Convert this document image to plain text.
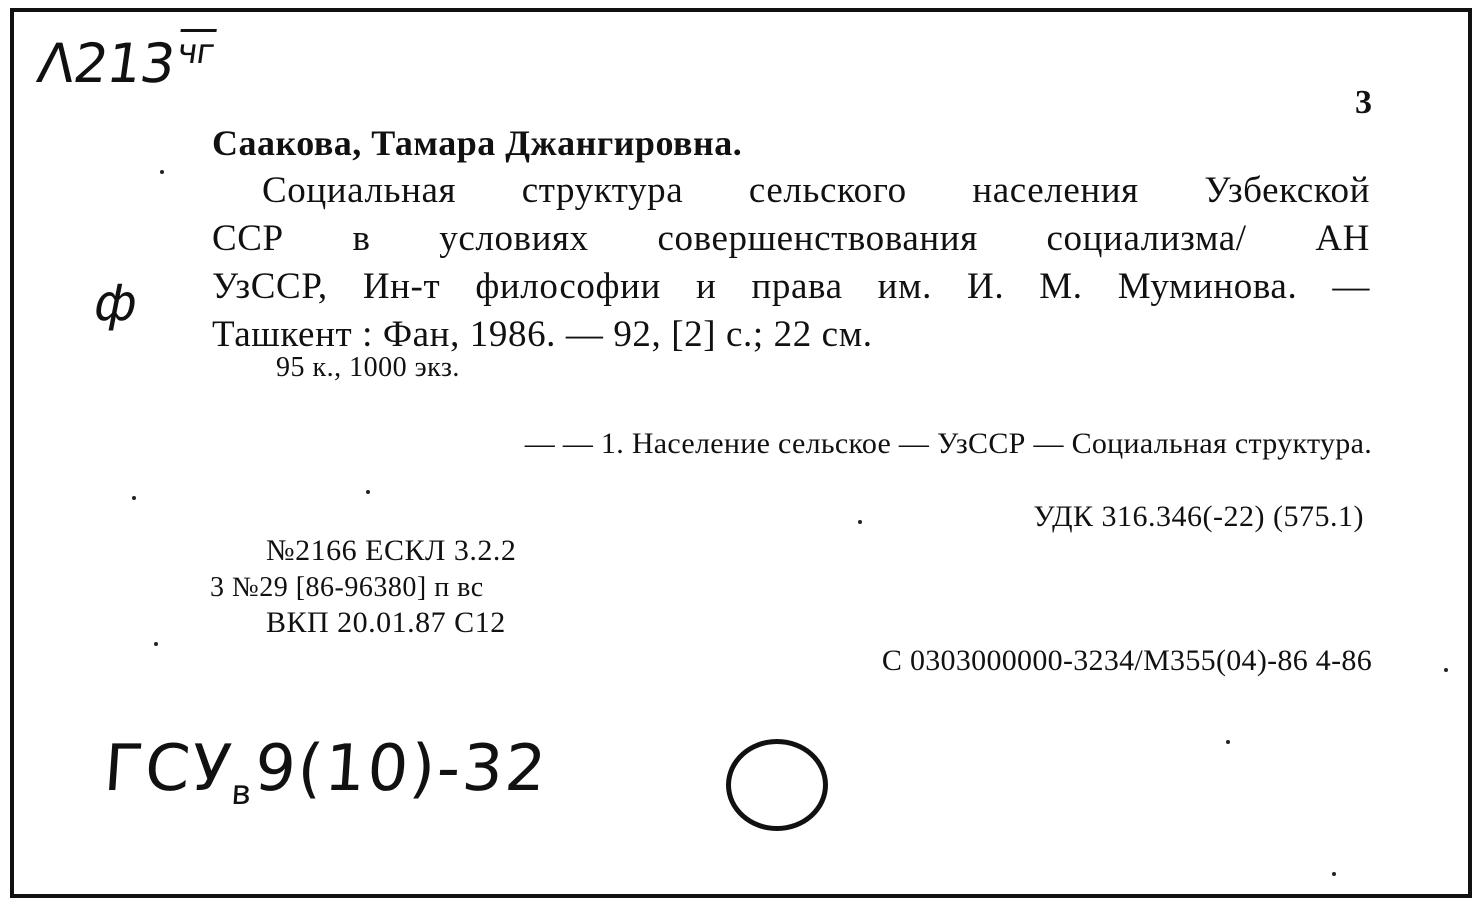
$\Lambda 213^{чг}$
3
Саакова, Тамара Джангировна.
ф
Социальная структура сельского населения Узбекской
ССР в условиях совершенствования социализма/ АН
УзССР, Ин-т философии и права им. И. М. Муминова. —
Ташкент : Фан, 1986. — 92, [2] с.; 22 см.
95 к., 1000 экз.
— — 1. Население сельское — УзССР — Социальная структура.
УДК 316.346(-22) (575.1)
№2166 ЕСКЛ 3.2.2
3 №29 [86-96380] п вс
ВКП 20.01.87 С12
С 0303000000-3234/М355(04)-86 4-86
$ГСУ_в9(10)-32$
